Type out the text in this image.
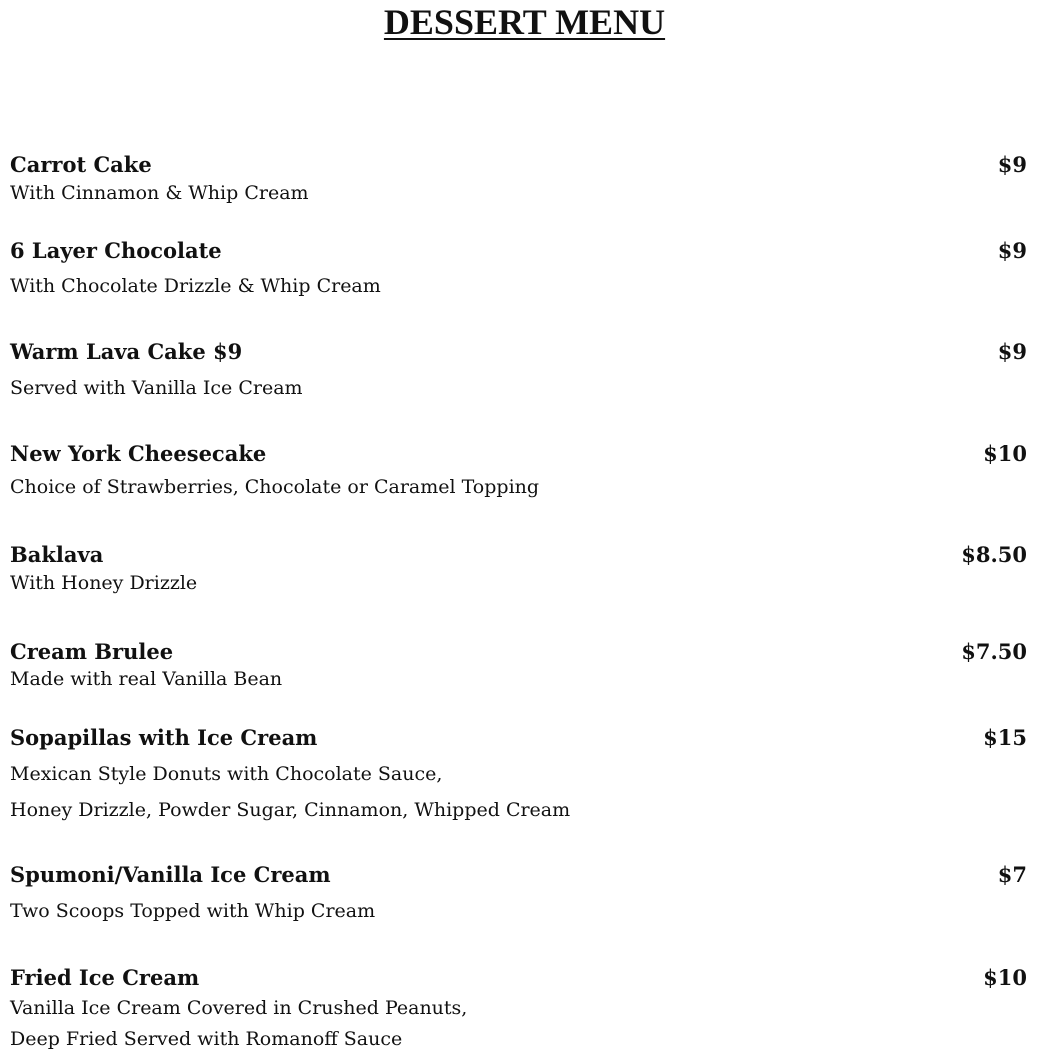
DESSERT MENU
Carrot Cake	$9
With Cinnamon & Whip Cream
6 Layer Chocolate	$9
With Chocolate Drizzle & Whip Cream
Warm Lava Cake $9	$9
Served with Vanilla Ice Cream
New York Cheesecake	$10
Choice of Strawberries, Chocolate or Caramel Topping
Baklava	$8.50
With Honey Drizzle
Cream Brulee	$7.50
Made with real Vanilla Bean
Sopapillas with Ice Cream	$15
Mexican Style Donuts with Chocolate Sauce,
Honey Drizzle, Powder Sugar, Cinnamon, Whipped Cream
Spumoni/Vanilla Ice Cream	$7
Two Scoops Topped with Whip Cream
Fried Ice Cream	$10
Vanilla Ice Cream Covered in Crushed Peanuts,
Deep Fried Served with Romanoff Sauce
